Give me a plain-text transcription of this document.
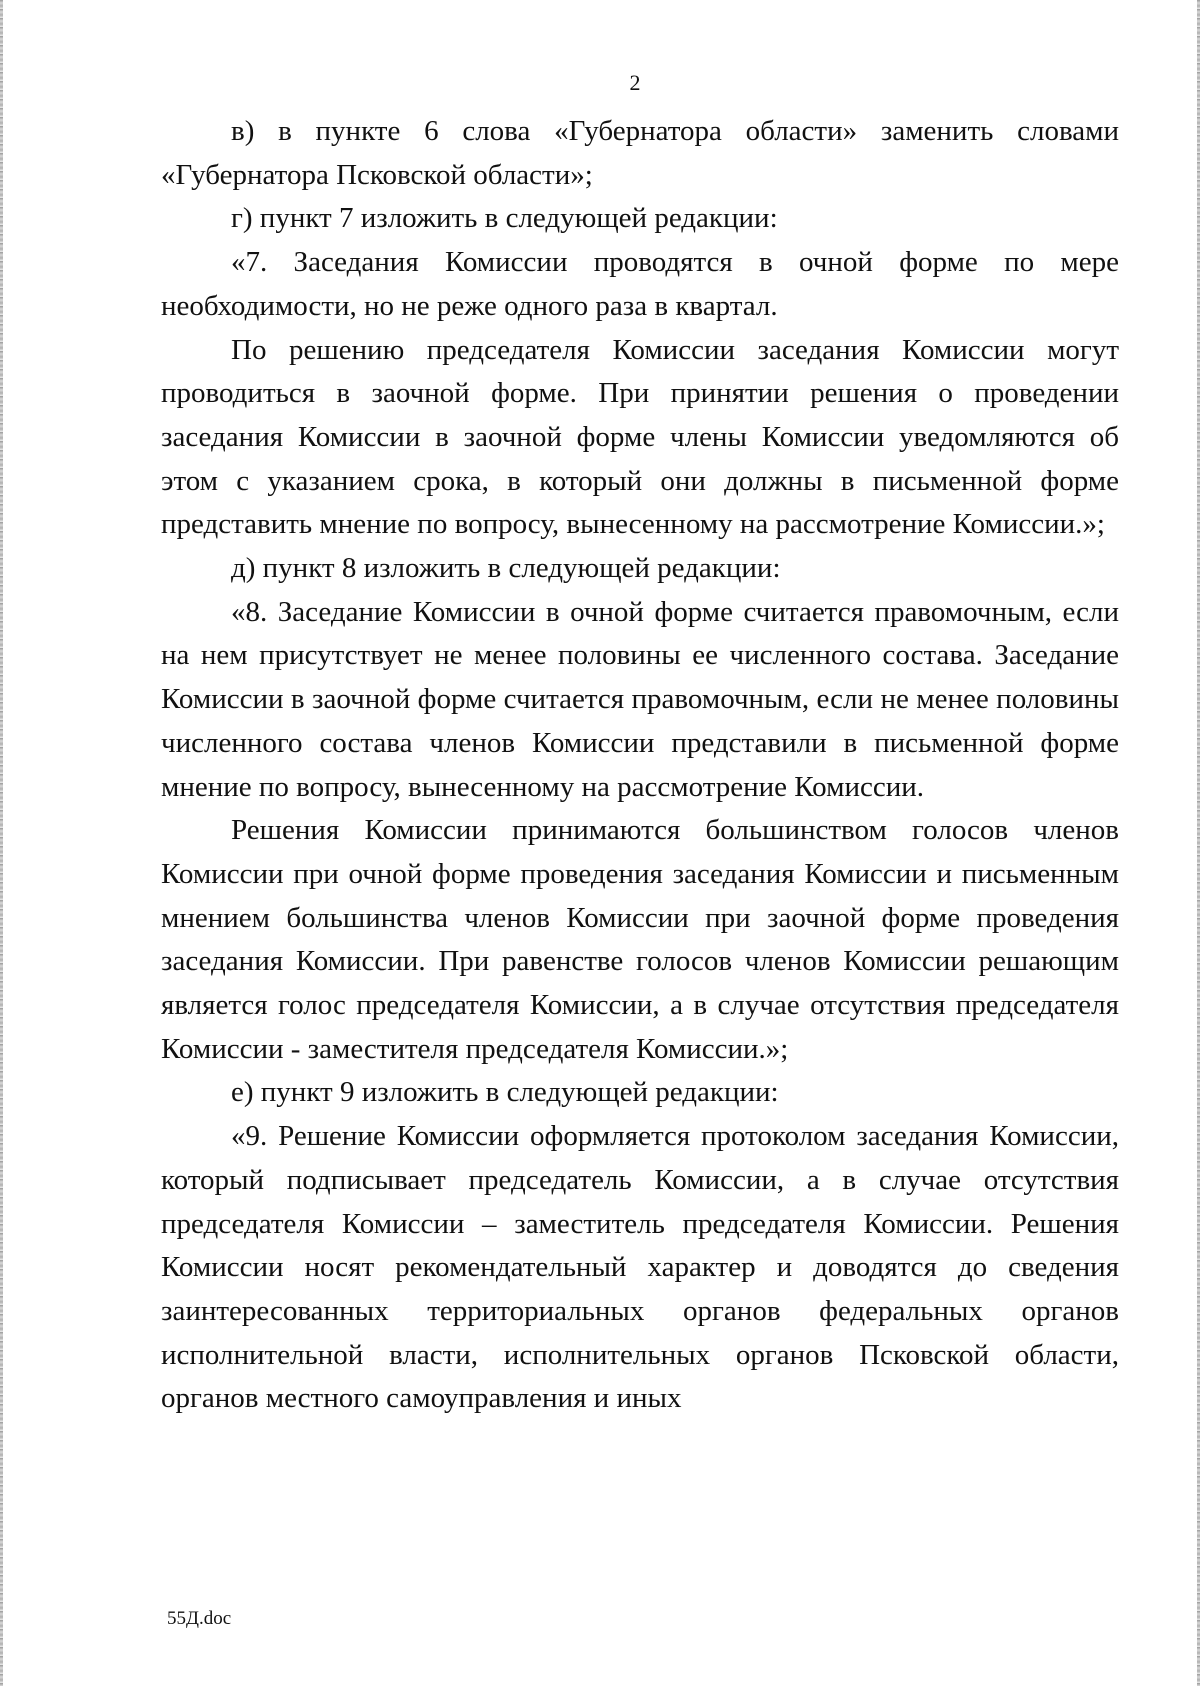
2

в) в пункте 6 слова «Губернатора области» заменить словами «Губернатора Псковской области»;

г) пункт 7 изложить в следующей редакции:

«7. Заседания Комиссии проводятся в очной форме по мере необходимости, но не реже одного раза в квартал.

По решению председателя Комиссии заседания Комиссии могут проводиться в заочной форме. При принятии решения о проведении заседания Комиссии в заочной форме члены Комиссии уведомляются об этом с указанием срока, в который они должны в письменной форме представить мнение по вопросу, вынесенному на рассмотрение Комиссии.»;

д) пункт 8 изложить в следующей редакции:

«8. Заседание Комиссии в очной форме считается правомочным, если на нем присутствует не менее половины ее численного состава. Заседание Комиссии в заочной форме считается правомочным, если не менее половины численного состава членов Комиссии представили в письменной форме мнение по вопросу, вынесенному на рассмотрение Комиссии.

Решения Комиссии принимаются большинством голосов членов Комиссии при очной форме проведения заседания Комиссии и письменным мнением большинства членов Комиссии при заочной форме проведения заседания Комиссии. При равенстве голосов членов Комиссии решающим является голос председателя Комиссии, а в случае отсутствия председателя Комиссии - заместителя председателя Комиссии.»;

е) пункт 9 изложить в следующей редакции:

«9. Решение Комиссии оформляется протоколом заседания Комиссии, который подписывает председатель Комиссии, а в случае отсутствия председателя Комиссии – заместитель председателя Комиссии. Решения Комиссии носят рекомендательный характер и доводятся до сведения заинтересованных территориальных органов федеральных органов исполнительной власти, исполнительных органов Псковской области, органов местного самоуправления и иных

55Д.doc
